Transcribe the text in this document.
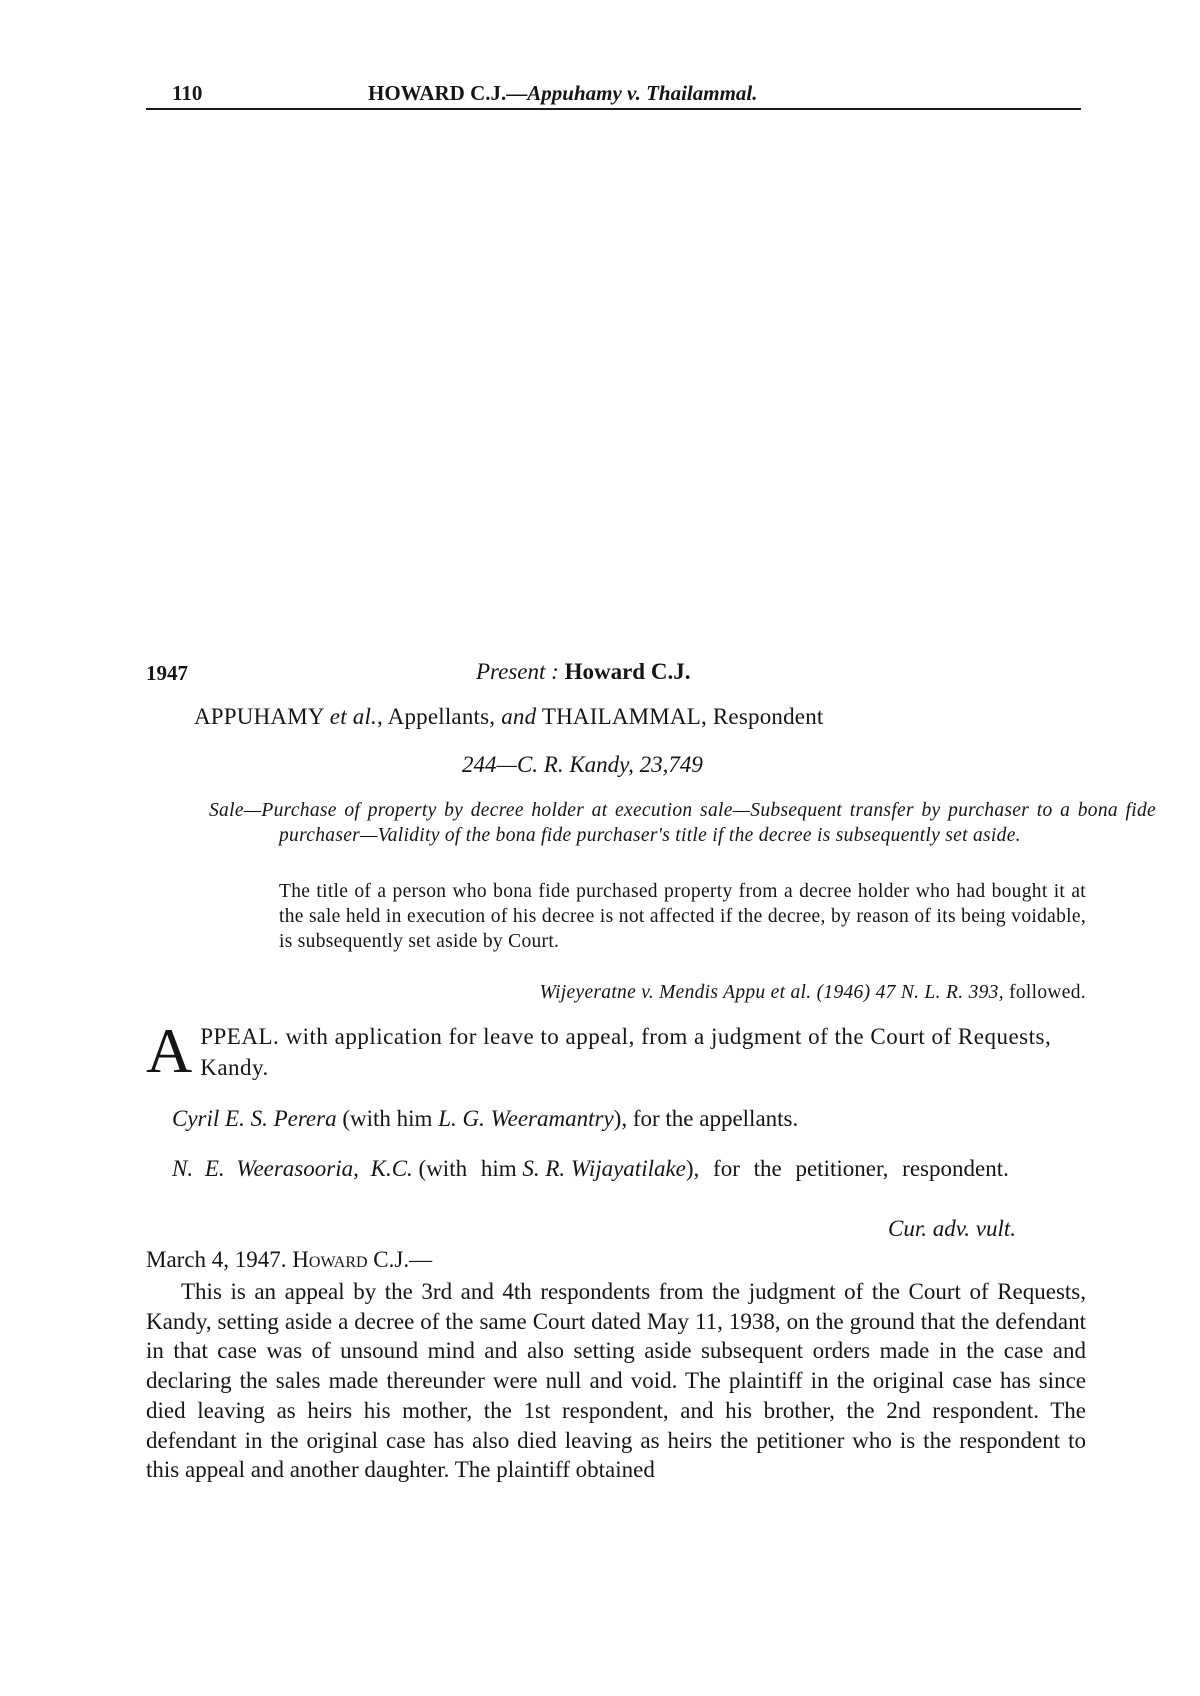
110	HOWARD C.J.—Appuhamy v. Thailammal.
1947	Present : Howard C.J.
APPUHAMY et al., Appellants, and THAILAMMAL, Respondent
244—C. R. Kandy, 23,749
Sale—Purchase of property by decree holder at execution sale—Subsequent transfer by purchaser to a bona fide purchaser—Validity of the bona fide purchaser's title if the decree is subsequently set aside.
The title of a person who bona fide purchased property from a decree holder who had bought it at the sale held in execution of his decree is not affected if the decree, by reason of its being voidable, is subsequently set aside by Court.
Wijeyeratne v. Mendis Appu et al. (1946) 47 N. L. R. 393, followed.
A PPEAL. with application for leave to appeal, from a judgment of the Court of Requests, Kandy.
Cyril E. S. Perera (with him L. G. Weeramantry), for the appellants.
N. E. Weerasooria, K.C. (with him S. R. Wijayatilake), for the petitioner, respondent.
Cur. adv. vult.
March 4, 1947. Howard C.J.—
This is an appeal by the 3rd and 4th respondents from the judgment of the Court of Requests, Kandy, setting aside a decree of the same Court dated May 11, 1938, on the ground that the defendant in that case was of unsound mind and also setting aside subsequent orders made in the case and declaring the sales made thereunder were null and void. The plaintiff in the original case has since died leaving as heirs his mother, the 1st respondent, and his brother, the 2nd respondent. The defendant in the original case has also died leaving as heirs the petitioner who is the respondent to this appeal and another daughter. The plaintiff obtained
